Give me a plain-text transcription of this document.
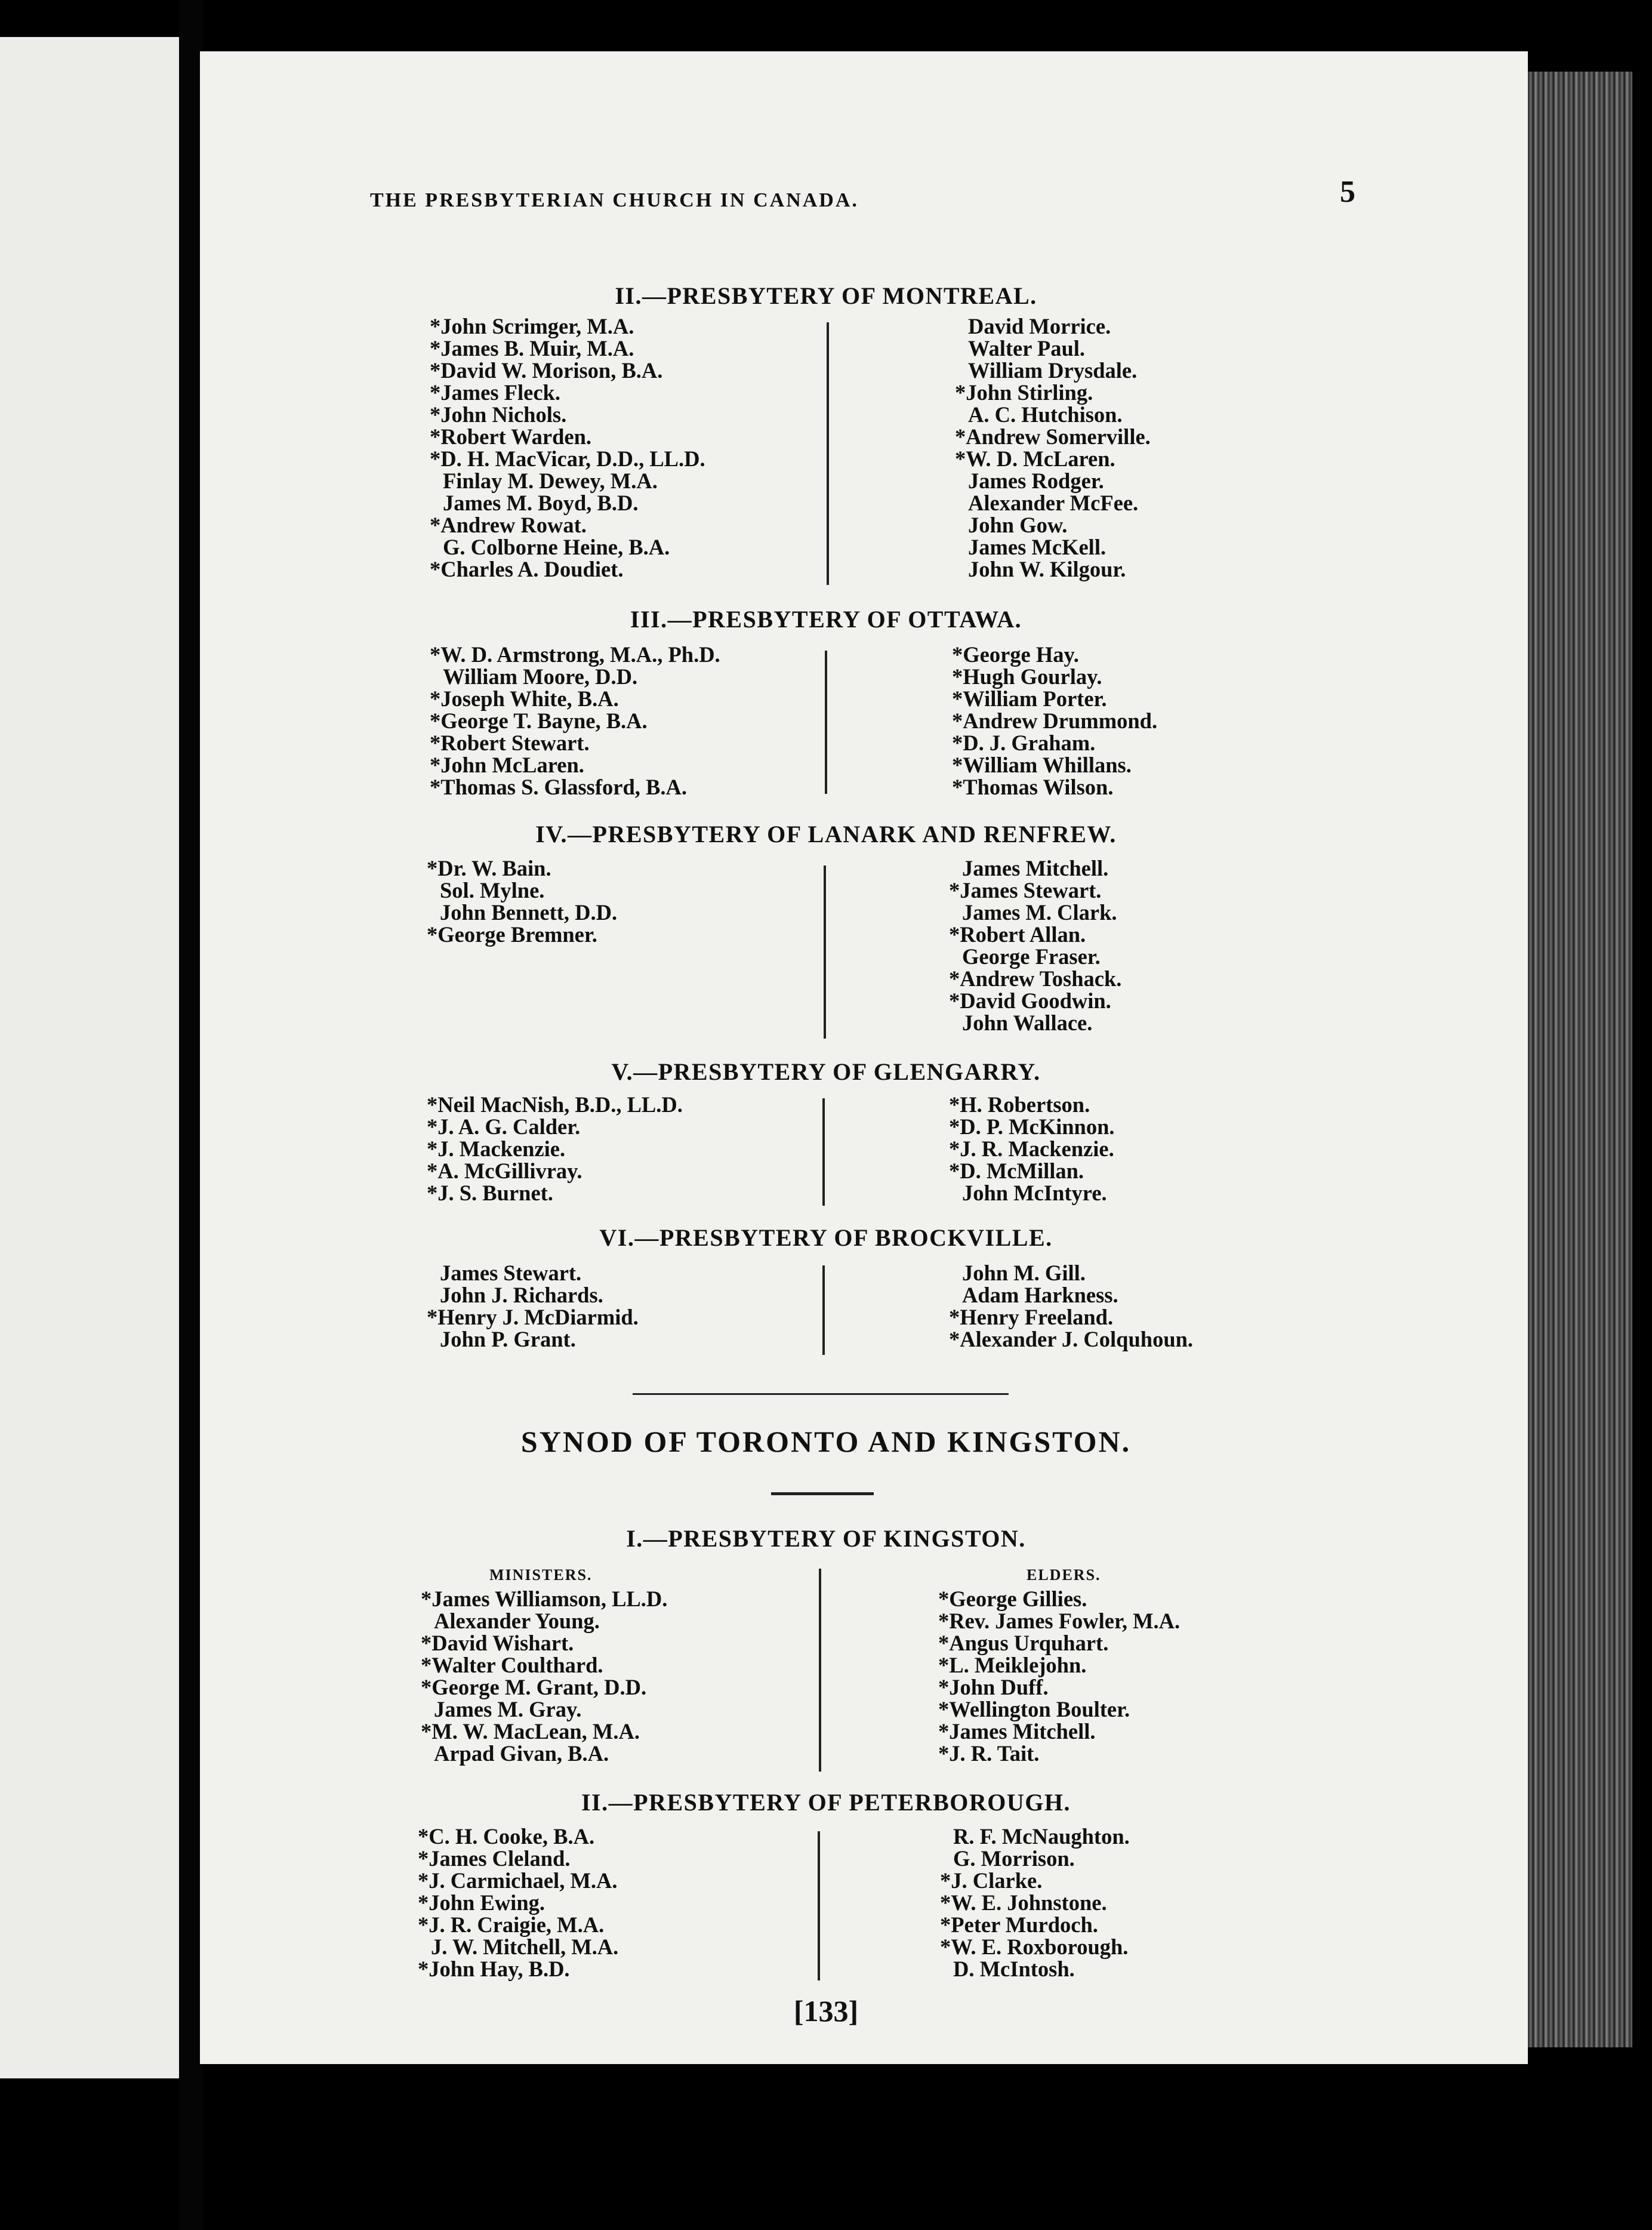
THE PRESBYTERIAN CHURCH IN CANADA.	5
II.—PRESBYTERY OF MONTREAL.
*John Scrimger, M.A.
*James B. Muir, M.A.
*David W. Morison, B.A.
*James Fleck.
*John Nichols.
*Robert Warden.
*D. H. MacVicar, D.D., LL.D.
Finlay M. Dewey, M.A.
James M. Boyd, B.D.
*Andrew Rowat.
G. Colborne Heine, B.A.
*Charles A. Doudiet.
David Morrice.
Walter Paul.
William Drysdale.
*John Stirling.
A. C. Hutchison.
*Andrew Somerville.
*W. D. McLaren.
James Rodger.
Alexander McFee.
John Gow.
James McKell.
John W. Kilgour.
III.—PRESBYTERY OF OTTAWA.
*W. D. Armstrong, M.A., Ph.D.
William Moore, D.D.
*Joseph White, B.A.
*George T. Bayne, B.A.
*Robert Stewart.
*John McLaren.
*Thomas S. Glassford, B.A.
*George Hay.
*Hugh Gourlay.
*William Porter.
*Andrew Drummond.
*D. J. Graham.
*William Whillans.
*Thomas Wilson.
IV.—PRESBYTERY OF LANARK AND RENFREW.
*Dr. W. Bain.
Sol. Mylne.
John Bennett, D.D.
*George Bremner.
James Mitchell.
*James Stewart.
James M. Clark.
*Robert Allan.
George Fraser.
*Andrew Toshack.
*David Goodwin.
John Wallace.
V.—PRESBYTERY OF GLENGARRY.
*Neil MacNish, B.D., LL.D.
*J. A. G. Calder.
*J. Mackenzie.
*A. McGillivray.
*J. S. Burnet.
*H. Robertson.
*D. P. McKinnon.
*J. R. Mackenzie.
*D. McMillan.
John McIntyre.
VI.—PRESBYTERY OF BROCKVILLE.
James Stewart.
John J. Richards.
*Henry J. McDiarmid.
John P. Grant.
John M. Gill.
Adam Harkness.
*Henry Freeland.
*Alexander J. Colquhoun.
SYNOD OF TORONTO AND KINGSTON.
I.—PRESBYTERY OF KINGSTON.
MINISTERS.	ELDERS.
*James Williamson, LL.D.
Alexander Young.
*David Wishart.
*Walter Coulthard.
*George M. Grant, D.D.
James M. Gray.
*M. W. MacLean, M.A.
Arpad Givan, B.A.
*George Gillies.
*Rev. James Fowler, M.A.
*Angus Urquhart.
*L. Meiklejohn.
*John Duff.
*Wellington Boulter.
*James Mitchell.
*J. R. Tait.
II.—PRESBYTERY OF PETERBOROUGH.
*C. H. Cooke, B.A.
*James Cleland.
*J. Carmichael, M.A.
*John Ewing.
*J. R. Craigie, M.A.
J. W. Mitchell, M.A.
*John Hay, B.D.
R. F. McNaughton.
G. Morrison.
*J. Clarke.
*W. E. Johnstone.
*Peter Murdoch.
*W. E. Roxborough.
D. McIntosh.
[133]
